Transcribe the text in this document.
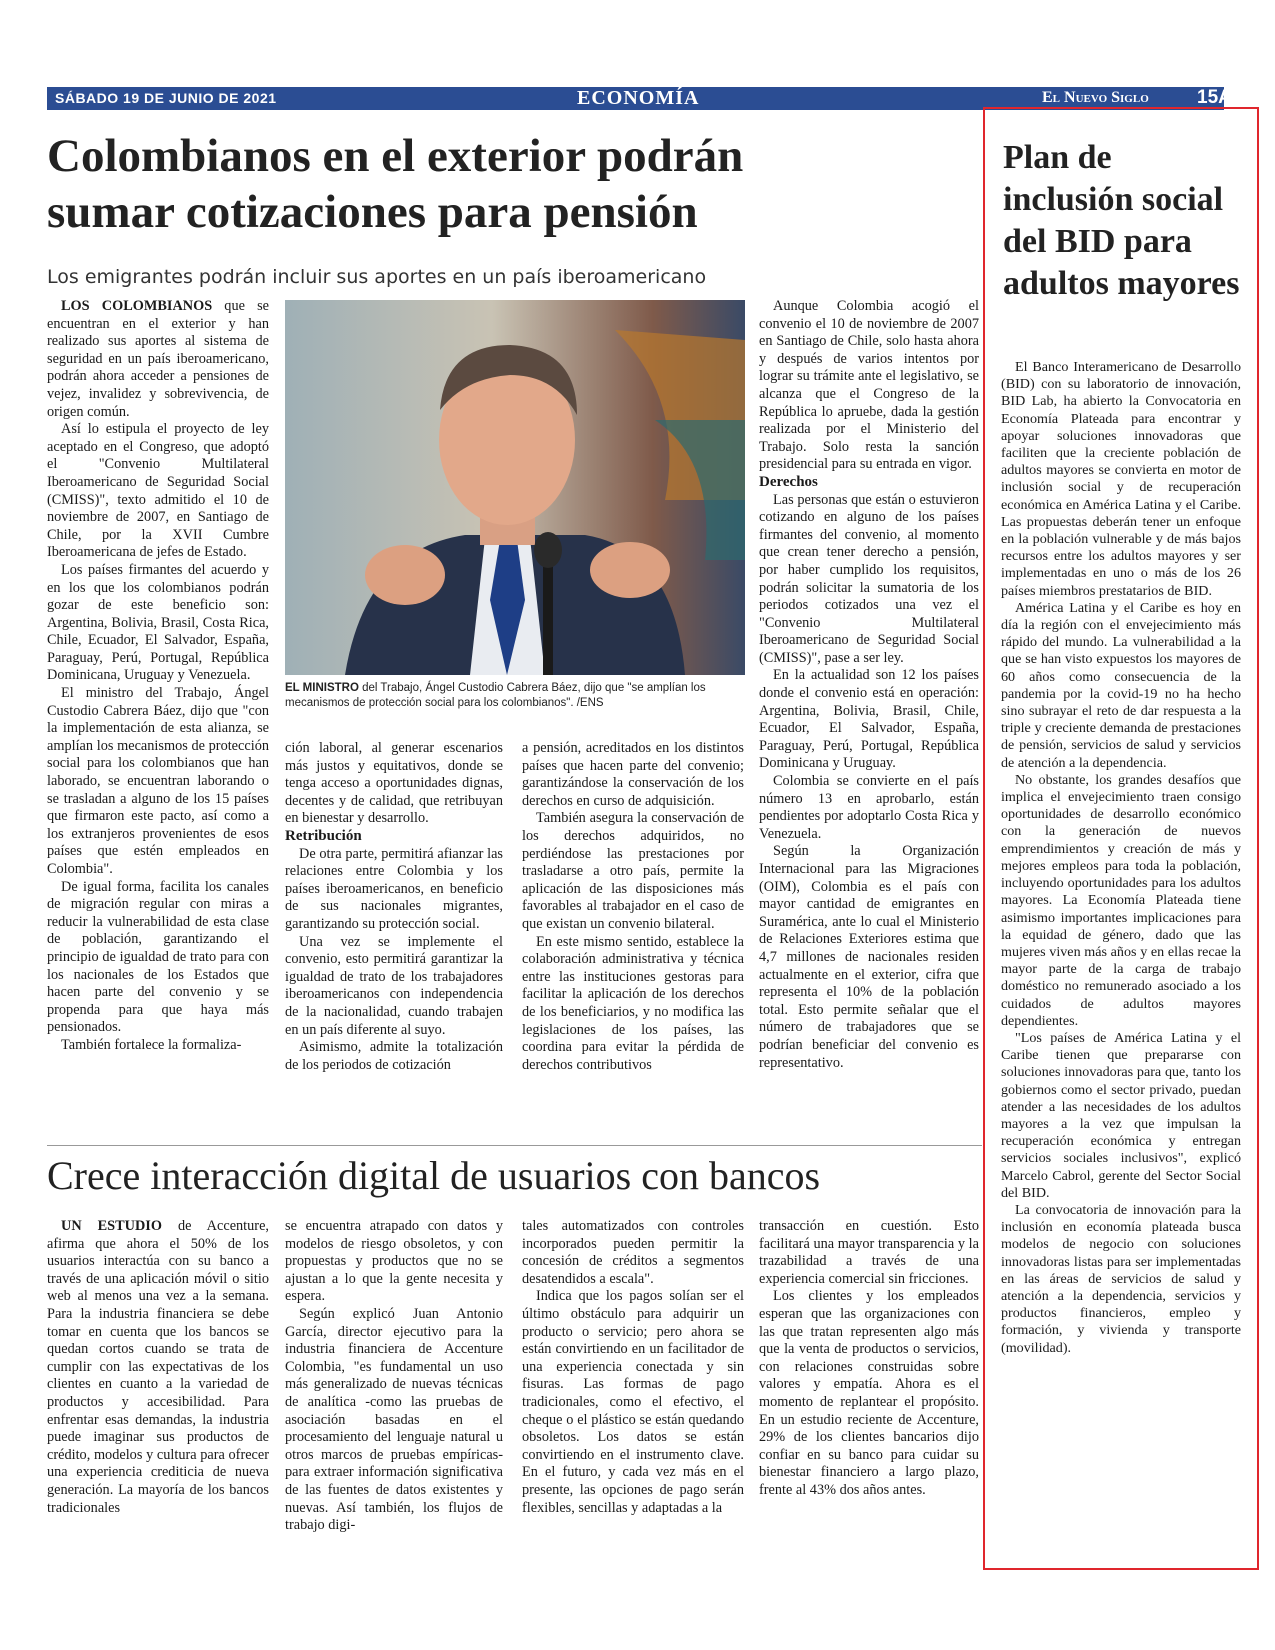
SÁBADO 19 DE JUNIO DE 2021	ECONOMÍA	El Nuevo Siglo	15A
Colombianos en el exterior podrán
sumar cotizaciones para pensión
Los emigrantes podrán incluir sus aportes en un país iberoamericano

LOS COLOMBIANOS que se encuentran en el exterior y han realizado sus aportes al sistema de seguridad en un país iberoamericano, podrán ahora acceder a pensiones de vejez, invalidez y sobrevivencia, de origen común.

Así lo estipula el proyecto de ley aceptado en el Congreso, que adoptó el "Convenio Multilateral Iberoamericano de Seguridad Social (CMISS)", texto admitido el 10 de noviembre de 2007, en Santiago de Chile, por la XVII Cumbre Iberoamericana de jefes de Estado.

Los países firmantes del acuerdo y en los que los colombianos podrán gozar de este beneficio son: Argentina, Bolivia, Brasil, Costa Rica, Chile, Ecuador, El Salvador, España, Paraguay, Perú, Portugal, República Dominicana, Uruguay y Venezuela.

El ministro del Trabajo, Ángel Custodio Cabrera Báez, dijo que "con la implementación de esta alianza, se amplían los mecanismos de protección social para los colombianos que han laborado, se encuentran laborando o se trasladan a alguno de los 15 países que firmaron este pacto, así como a los extranjeros provenientes de esos países que estén empleados en Colombia".

De igual forma, facilita los canales de migración regular con miras a reducir la vulnerabilidad de esta clase de población, garantizando el principio de igualdad de trato para con los nacionales de los Estados que hacen parte del convenio y se propenda para que haya más pensionados.

También fortalece la formaliza-

EL MINISTRO del Trabajo, Ángel Custodio Cabrera Báez, dijo que "se amplían los mecanismos de protección social para los colombianos". /ENS

ción laboral, al generar escenarios más justos y equitativos, donde se tenga acceso a oportunidades dignas, decentes y de calidad, que retribuyan en bienestar y desarrollo.

Retribución

De otra parte, permitirá afianzar las relaciones entre Colombia y los países iberoamericanos, en beneficio de sus nacionales migrantes, garantizando su protección social.

Una vez se implemente el convenio, esto permitirá garantizar la igualdad de trato de los trabajadores iberoamericanos con independencia de la nacionalidad, cuando trabajen en un país diferente al suyo.

Asimismo, admite la totalización de los periodos de cotización

a pensión, acreditados en los distintos países que hacen parte del convenio; garantizándose la conservación de los derechos en curso de adquisición.

También asegura la conservación de los derechos adquiridos, no perdiéndose las prestaciones por trasladarse a otro país, permite la aplicación de las disposiciones más favorables al trabajador en el caso de que existan un convenio bilateral.

En este mismo sentido, establece la colaboración administrativa y técnica entre las instituciones gestoras para facilitar la aplicación de los derechos de los beneficiarios, y no modifica las legislaciones de los países, las coordina para evitar la pérdida de derechos contributivos

Aunque Colombia acogió el convenio el 10 de noviembre de 2007 en Santiago de Chile, solo hasta ahora y después de varios intentos por lograr su trámite ante el legislativo, se alcanza que el Congreso de la República lo apruebe, dada la gestión realizada por el Ministerio del Trabajo. Solo resta la sanción presidencial para su entrada en vigor.

Derechos

Las personas que están o estuvieron cotizando en alguno de los países firmantes del convenio, al momento que crean tener derecho a pensión, por haber cumplido los requisitos, podrán solicitar la sumatoria de los periodos cotizados una vez el "Convenio Multilateral Iberoamericano de Seguridad Social (CMISS)", pase a ser ley.

En la actualidad son 12 los países donde el convenio está en operación: Argentina, Bolivia, Brasil, Chile, Ecuador, El Salvador, España, Paraguay, Perú, Portugal, República Dominicana y Uruguay.

Colombia se convierte en el país número 13 en aprobarlo, están pendientes por adoptarlo Costa Rica y Venezuela.

Según la Organización Internacional para las Migraciones (OIM), Colombia es el país con mayor cantidad de emigrantes en Suramérica, ante lo cual el Ministerio de Relaciones Exteriores estima que 4,7 millones de nacionales residen actualmente en el exterior, cifra que representa el 10% de la población total. Esto permite señalar que el número de trabajadores que se podrían beneficiar del convenio es representativo.

Crece interacción digital de usuarios con bancos

UN ESTUDIO de Accenture, afirma que ahora el 50% de los usuarios interactúa con su banco a través de una aplicación móvil o sitio web al menos una vez a la semana. Para la industria financiera se debe tomar en cuenta que los bancos se quedan cortos cuando se trata de cumplir con las expectativas de los clientes en cuanto a la variedad de productos y accesibilidad. Para enfrentar esas demandas, la industria puede imaginar sus productos de crédito, modelos y cultura para ofrecer una experiencia crediticia de nueva generación. La mayoría de los bancos tradicionales

se encuentra atrapado con datos y modelos de riesgo obsoletos, y con propuestas y productos que no se ajustan a lo que la gente necesita y espera.

Según explicó Juan Antonio García, director ejecutivo para la industria financiera de Accenture Colombia, "es fundamental un uso más generalizado de nuevas técnicas de analítica -como las pruebas de asociación basadas en el procesamiento del lenguaje natural u otros marcos de pruebas empíricas- para extraer información significativa de las fuentes de datos existentes y nuevas. Así también, los flujos de trabajo digi-

tales automatizados con controles incorporados pueden permitir la concesión de créditos a segmentos desatendidos a escala".

Indica que los pagos solían ser el último obstáculo para adquirir un producto o servicio; pero ahora se están convirtiendo en un facilitador de una experiencia conectada y sin fisuras. Las formas de pago tradicionales, como el efectivo, el cheque o el plástico se están quedando obsoletos. Los datos se están convirtiendo en el instrumento clave. En el futuro, y cada vez más en el presente, las opciones de pago serán flexibles, sencillas y adaptadas a la

transacción en cuestión. Esto facilitará una mayor transparencia y la trazabilidad a través de una experiencia comercial sin fricciones.

Los clientes y los empleados esperan que las organizaciones con las que tratan representen algo más que la venta de productos o servicios, con relaciones construidas sobre valores y empatía. Ahora es el momento de replantear el propósito. En un estudio reciente de Accenture, 29% de los clientes bancarios dijo confiar en su banco para cuidar su bienestar financiero a largo plazo, frente al 43% dos años antes.

Plan de inclusión social del BID para adultos mayores

El Banco Interamericano de Desarrollo (BID) con su laboratorio de innovación, BID Lab, ha abierto la Convocatoria en Economía Plateada para encontrar y apoyar soluciones innovadoras que faciliten que la creciente población de adultos mayores se convierta en motor de inclusión social y de recuperación económica en América Latina y el Caribe. Las propuestas deberán tener un enfoque en la población vulnerable y de más bajos recursos entre los adultos mayores y ser implementadas en uno o más de los 26 países miembros prestatarios de BID.

América Latina y el Caribe es hoy en día la región con el envejecimiento más rápido del mundo. La vulnerabilidad a la que se han visto expuestos los mayores de 60 años como consecuencia de la pandemia por la covid-19 no ha hecho sino subrayar el reto de dar respuesta a la triple y creciente demanda de prestaciones de pensión, servicios de salud y servicios de atención a la dependencia.

No obstante, los grandes desafíos que implica el envejecimiento traen consigo oportunidades de desarrollo económico con la generación de nuevos emprendimientos y creación de más y mejores empleos para toda la población, incluyendo oportunidades para los adultos mayores. La Economía Plateada tiene asimismo importantes implicaciones para la equidad de género, dado que las mujeres viven más años y en ellas recae la mayor parte de la carga de trabajo doméstico no remunerado asociado a los cuidados de adultos mayores dependientes.

"Los países de América Latina y el Caribe tienen que prepararse con soluciones innovadoras para que, tanto los gobiernos como el sector privado, puedan atender a las necesidades de los adultos mayores a la vez que impulsan la recuperación económica y entregan servicios sociales inclusivos", explicó Marcelo Cabrol, gerente del Sector Social del BID.

La convocatoria de innovación para la inclusión en economía plateada busca modelos de negocio con soluciones innovadoras listas para ser implementadas en las áreas de servicios de salud y atención a la dependencia, servicios y productos financieros, empleo y formación, y vivienda y transporte (movilidad).
